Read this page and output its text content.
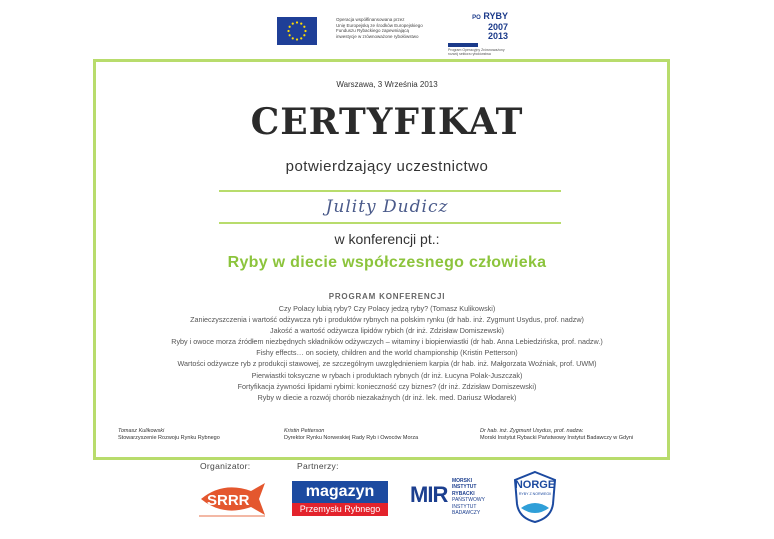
Operacja współfinansowana przez
Unię Europejską ze środków Europejskiego
Funduszu Rybackiego zapewniającą
inwestycje w zrównoważone rybołówstwo
PO RYBY
2007
2013
Program Operacyjny Zrównoważony rozwój sektora rybołówstwa
Warszawa, 3 Września 2013
CERTYFIKAT
potwierdzający uczestnictwo
Julity Dudicz
w konferencji pt.:
Ryby w diecie współczesnego człowieka
PROGRAM KONFERENCJI
Czy Polacy lubią ryby? Czy Polacy jedzą ryby? (Tomasz Kulikowski)
Zanieczyszczenia i wartość odżywcza ryb i produktów rybnych na polskim rynku (dr hab. inż. Zygmunt Usydus, prof. nadzw)
Jakość a wartość odżywcza lipidów rybich (dr inż. Zdzisław Domiszewski)
Ryby i owoce morza źródłem niezbędnych składników odżywczych – witaminy i biopierwiastki (dr hab. Anna Lebiedzińska, prof. nadzw.)
Fishy effects… on society, children and the world championship (Kristin Petterson)
Wartości odżywcze ryb z produkcji stawowej, ze szczególnym uwzględnieniem karpia (dr hab. inż. Małgorzata Woźniak, prof. UWM)
Pierwiastki toksyczne w rybach i produktach rybnych (dr inż. Łucyna Polak-Juszczak)
Fortyfikacja żywności lipidami rybimi: konieczność czy biznes? (dr inż. Zdzisław Domiszewski)
Ryby w diecie a rozwój chorób niezakaźnych (dr inż. lek. med. Dariusz Włodarek)
Tomasz Kulikowski
Stowarzyszenie Rozwoju Rynku Rybnego
Kristin Petterson
Dyrektor Rynku Norweskiej Rady Ryb i Owoców Morza
Dr hab. inż. Zygmunt Usydus, prof. nadzw.
Morski Instytut Rybacki Państwowy Instytut Badawczy w Gdyni
Organizator:	Partnerzy:
SRRR
magazyn
Przemysłu Rybnego
MIR
MORSKI
INSTYTUT
RYBACKI
PAŃSTWOWY
INSTYTUT
BADAWCZY
NORGE
RYBY Z NORWEGII
